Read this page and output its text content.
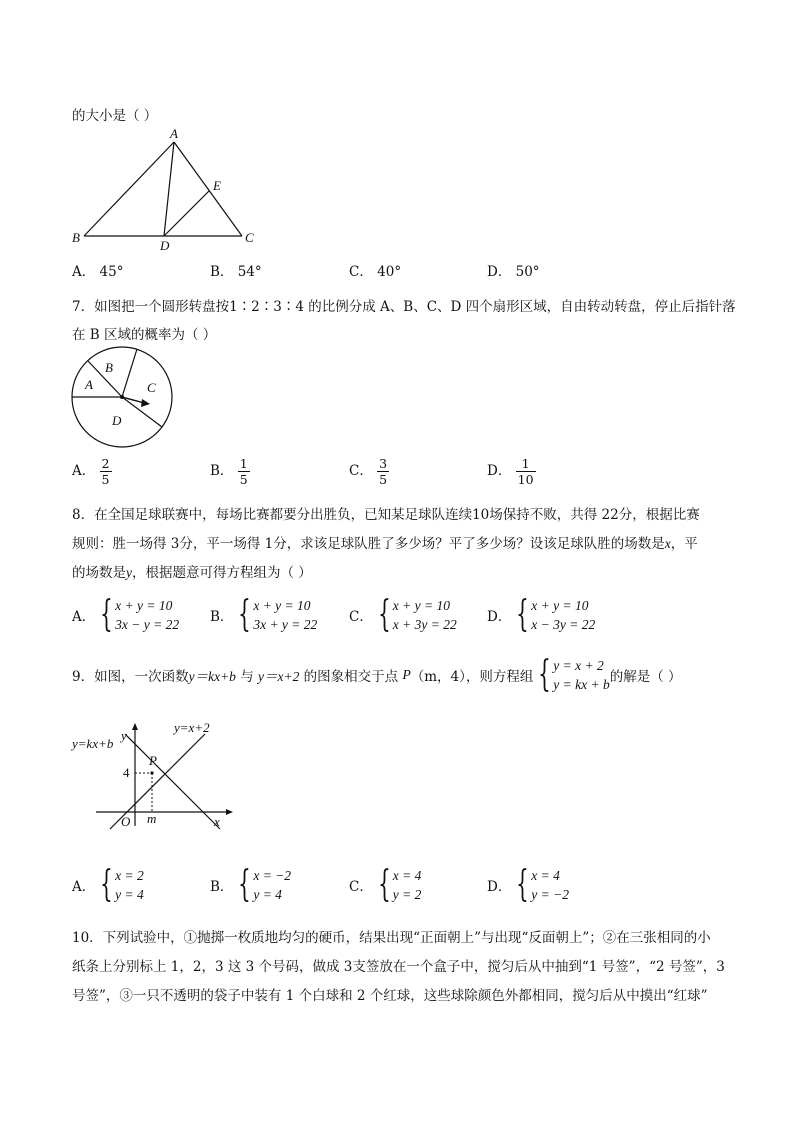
的大小是（ ）
A
E
B
D
C
A． 45°	B． 54°	C． 40°	D． 50°
7．如图把一个圆形转盘按1∶2∶3∶4 的比例分成 A、B、C、D 四个扇形区域，自由转动转盘，停止后指针落
在 B 区域的概率为（ ）
A
B
C
D
A． $\frac{2}{5}$	B． $\frac{1}{5}$	C． $\frac{3}{5}$	D． $\frac{1}{10}$
8．在全国足球联赛中，每场比赛都要分出胜负，已知某足球队连续10场保持不败，共得 22分，根据比赛
规则：胜一场得 3分，平一场得 1分，求该足球队胜了多少场？平了多少场？设该足球队胜的场数是x，平
的场数是y，根据题意可得方程组为（ ）
A． { x + y = 10
3x − y = 22 B． { x + y = 10
3x + y = 22 C． { x + y = 10
x + 3y = 22 D． { x + y = 10
x − 3y = 22
9．如图，一次函数y＝kx+b 与 y＝x+2 的图象相交于点 P（m，4），则方程组 { y = x + 2
y = kx + b 的解是（ ）
y=x+2
y=kx+b
y
x
O m
4
P
A． { x = 2
y = 4	B． { x = −2
y = 4	C． { x = 4
y = 2	D． { x = 4
y = −2
10．下列试验中，①抛掷一枚质地均匀的硬币，结果出现“正面朝上”与出现“反面朝上”；②在三张相同的小
纸条上分别标上 1，2，3 这 3 个号码，做成 3支签放在一个盒子中，搅匀后从中抽到“1 号签”，“2 号签”，3
号签”，③一只不透明的袋子中装有 1 个白球和 2 个红球，这些球除颜色外都相同，搅匀后从中摸出“红球”
